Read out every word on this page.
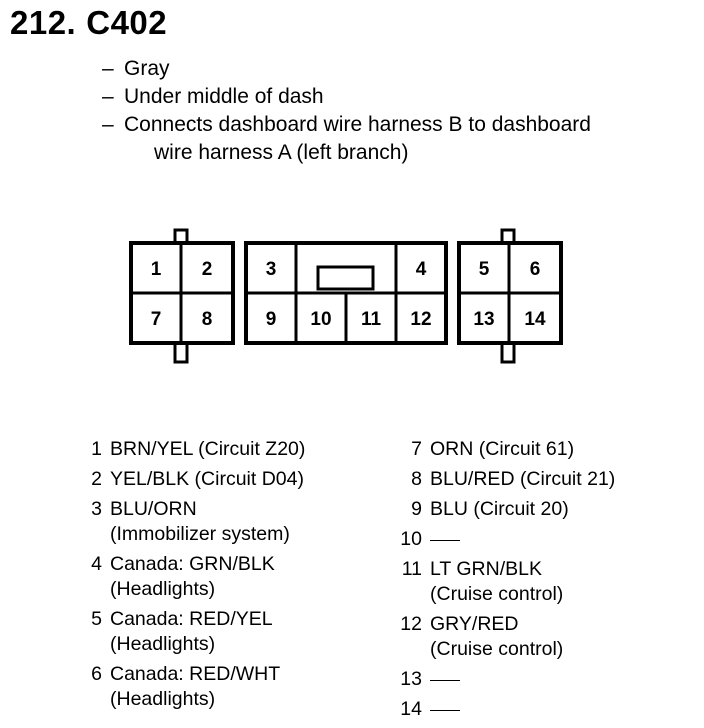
212. C402
– Gray
– Under middle of dash
– Connects dashboard wire harness B to dashboard
wire harness A (left branch)
1 2	3	4	5 6
7 8	9 10 11 12 13 14
1 BRN/YEL (Circuit Z20)
2 YEL/BLK (Circuit D04)
3 BLU/ORN
(Immobilizer system)
4 Canada: GRN/BLK
(Headlights)
5 Canada: RED/YEL
(Headlights)
6 Canada: RED/WHT
(Headlights)
7 ORN (Circuit 61)
8 BLU/RED (Circuit 21)
9 BLU (Circuit 20)
10
11 LT GRN/BLK
(Cruise control)
12 GRY/RED
(Cruise control)
13
14
